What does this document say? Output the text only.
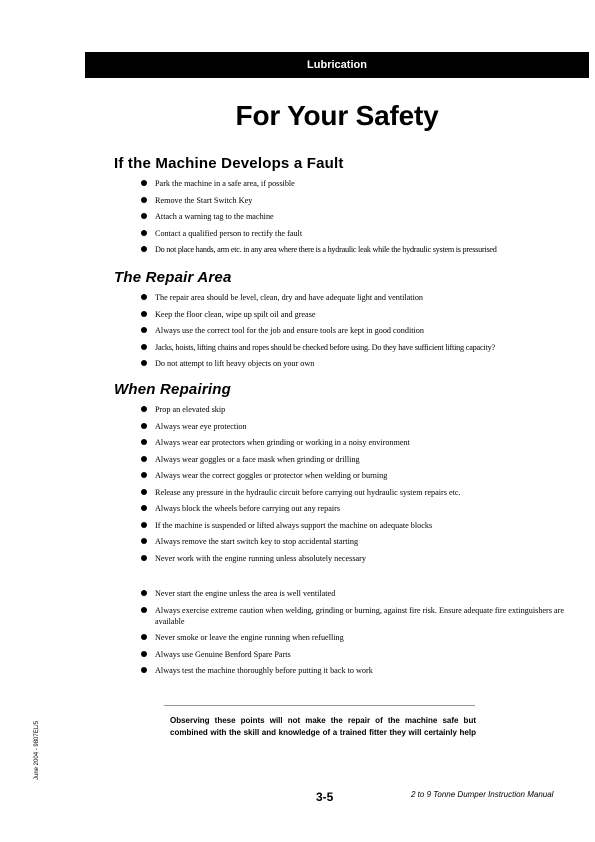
Lubrication
For Your Safety
If the Machine Develops a Fault
Park the machine in a safe area, if possible
Remove the Start Switch Key
Attach a warning tag to the machine
Contact a qualified person to rectify the fault
Do not place hands, arm etc. in any area where there is a hydraulic leak while the hydraulic system is pressurised
The Repair Area
The repair area should be level, clean, dry and have adequate light and ventilation
Keep the floor clean, wipe up spilt oil and grease
Always use the correct tool for the job and ensure tools are kept in good condition
Jacks, hoists, lifting chains and ropes should be checked before using. Do they have sufficient lifting capacity?
Do not attempt to lift heavy objects on your own
When Repairing
Prop an elevated skip
Always wear eye protection
Always wear ear protectors when grinding or working in a noisy environment
Always wear goggles or a face mask when grinding or drilling
Always wear the correct goggles or protector when welding or burning
Release any pressure in the hydraulic circuit before carrying out hydraulic system repairs etc.
Always block the wheels before carrying out any repairs
If the machine is suspended or lifted always support the machine on adequate blocks
Always remove the start switch key to stop accidental starting
Never work with the engine running unless absolutely necessary
Never start the engine unless the area is well ventilated
Always exercise extreme caution when welding, grinding or burning, against fire risk. Ensure adequate fire extinguishers are available
Never smoke or leave the engine running when refuelling
Always use Genuine Benford Spare Parts
Always test the machine thoroughly before putting it back to work

Observing these points will not make the repair of the machine safe but combined with the skill and knowledge of a trained fitter they will certainly help

June 2004 - 9807EL/5
3-5	2 to 9 Tonne Dumper Instruction Manual
